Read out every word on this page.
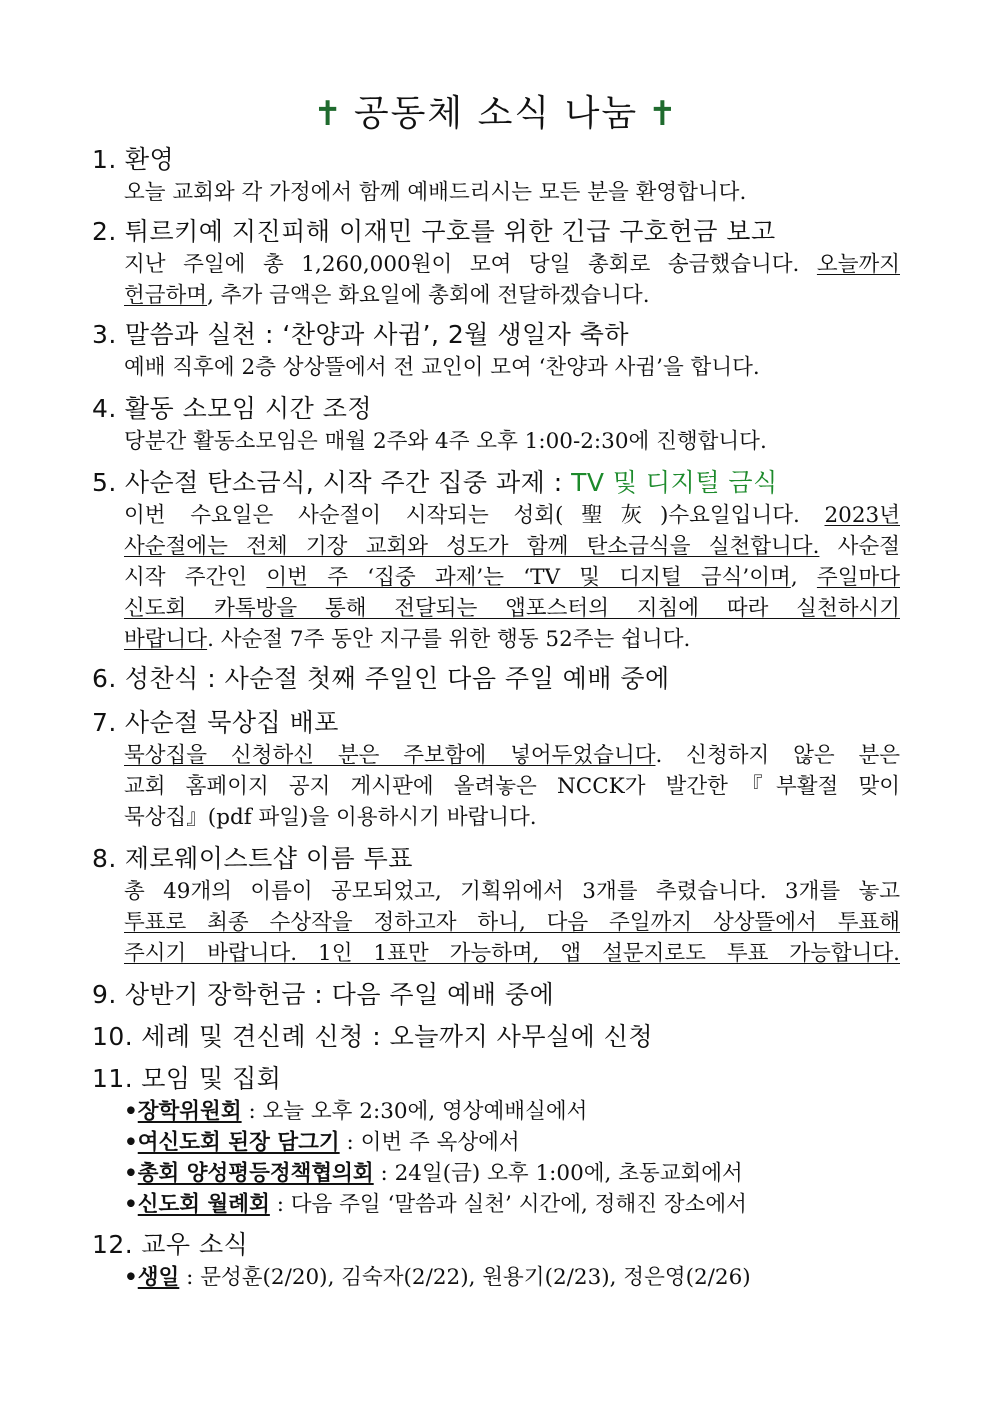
✝ 공동체 소식 나눔 ✝
1. 환영
오늘 교회와 각 가정에서 함께 예배드리시는 모든 분을 환영합니다.
2. 튀르키예 지진피해 이재민 구호를 위한 긴급 구호헌금 보고
지난 주일에 총 1,260,000원이 모여 당일 총회로 송금했습니다. 오늘까지
헌금하며, 추가 금액은 화요일에 총회에 전달하겠습니다.
3. 말씀과 실천 : ‘찬양과 사귐’, 2월 생일자 축하
예배 직후에 2층 상상뜰에서 전 교인이 모여 ‘찬양과 사귐’을 합니다.
4. 활동 소모임 시간 조정
당분간 활동소모임은 매월 2주와 4주 오후 1:00-2:30에 진행합니다.
5. 사순절 탄소금식, 시작 주간 집중 과제 : TV 및 디지털 금식
이번 수요일은 사순절이 시작되는 성회(聖灰)수요일입니다. 2023년
사순절에는 전체 기장 교회와 성도가 함께 탄소금식을 실천합니다. 사순절
시작 주간인 이번 주 ‘집중 과제’는 ‘TV 및 디지털 금식’이며, 주일마다
신도회 카톡방을 통해 전달되는 앱포스터의 지침에 따라 실천하시기
바랍니다. 사순절 7주 동안 지구를 위한 행동 52주는 쉽니다.
6. 성찬식 : 사순절 첫째 주일인 다음 주일 예배 중에
7. 사순절 묵상집 배포
묵상집을 신청하신 분은 주보함에 넣어두었습니다. 신청하지 않은 분은
교회 홈페이지 공지 게시판에 올려놓은 NCCK가 발간한『부활절 맞이
묵상집』(pdf 파일)을 이용하시기 바랍니다.
8. 제로웨이스트샵 이름 투표
총 49개의 이름이 공모되었고, 기획위에서 3개를 추렸습니다. 3개를 놓고
투표로 최종 수상작을 정하고자 하니, 다음 주일까지 상상뜰에서 투표해
주시기 바랍니다. 1인 1표만 가능하며, 앱 설문지로도 투표 가능합니다.
9. 상반기 장학헌금 : 다음 주일 예배 중에
10. 세례 및 견신례 신청 : 오늘까지 사무실에 신청
11. 모임 및 집회
•장학위원회 : 오늘 오후 2:30에, 영상예배실에서
•여신도회 된장 담그기 : 이번 주 옥상에서
•총회 양성평등정책협의회 : 24일(금) 오후 1:00에, 초동교회에서
•신도회 월례회 : 다음 주일 ‘말씀과 실천’ 시간에, 정해진 장소에서
12. 교우 소식
•생일 : 문성훈(2/20), 김숙자(2/22), 원용기(2/23), 정은영(2/26)
